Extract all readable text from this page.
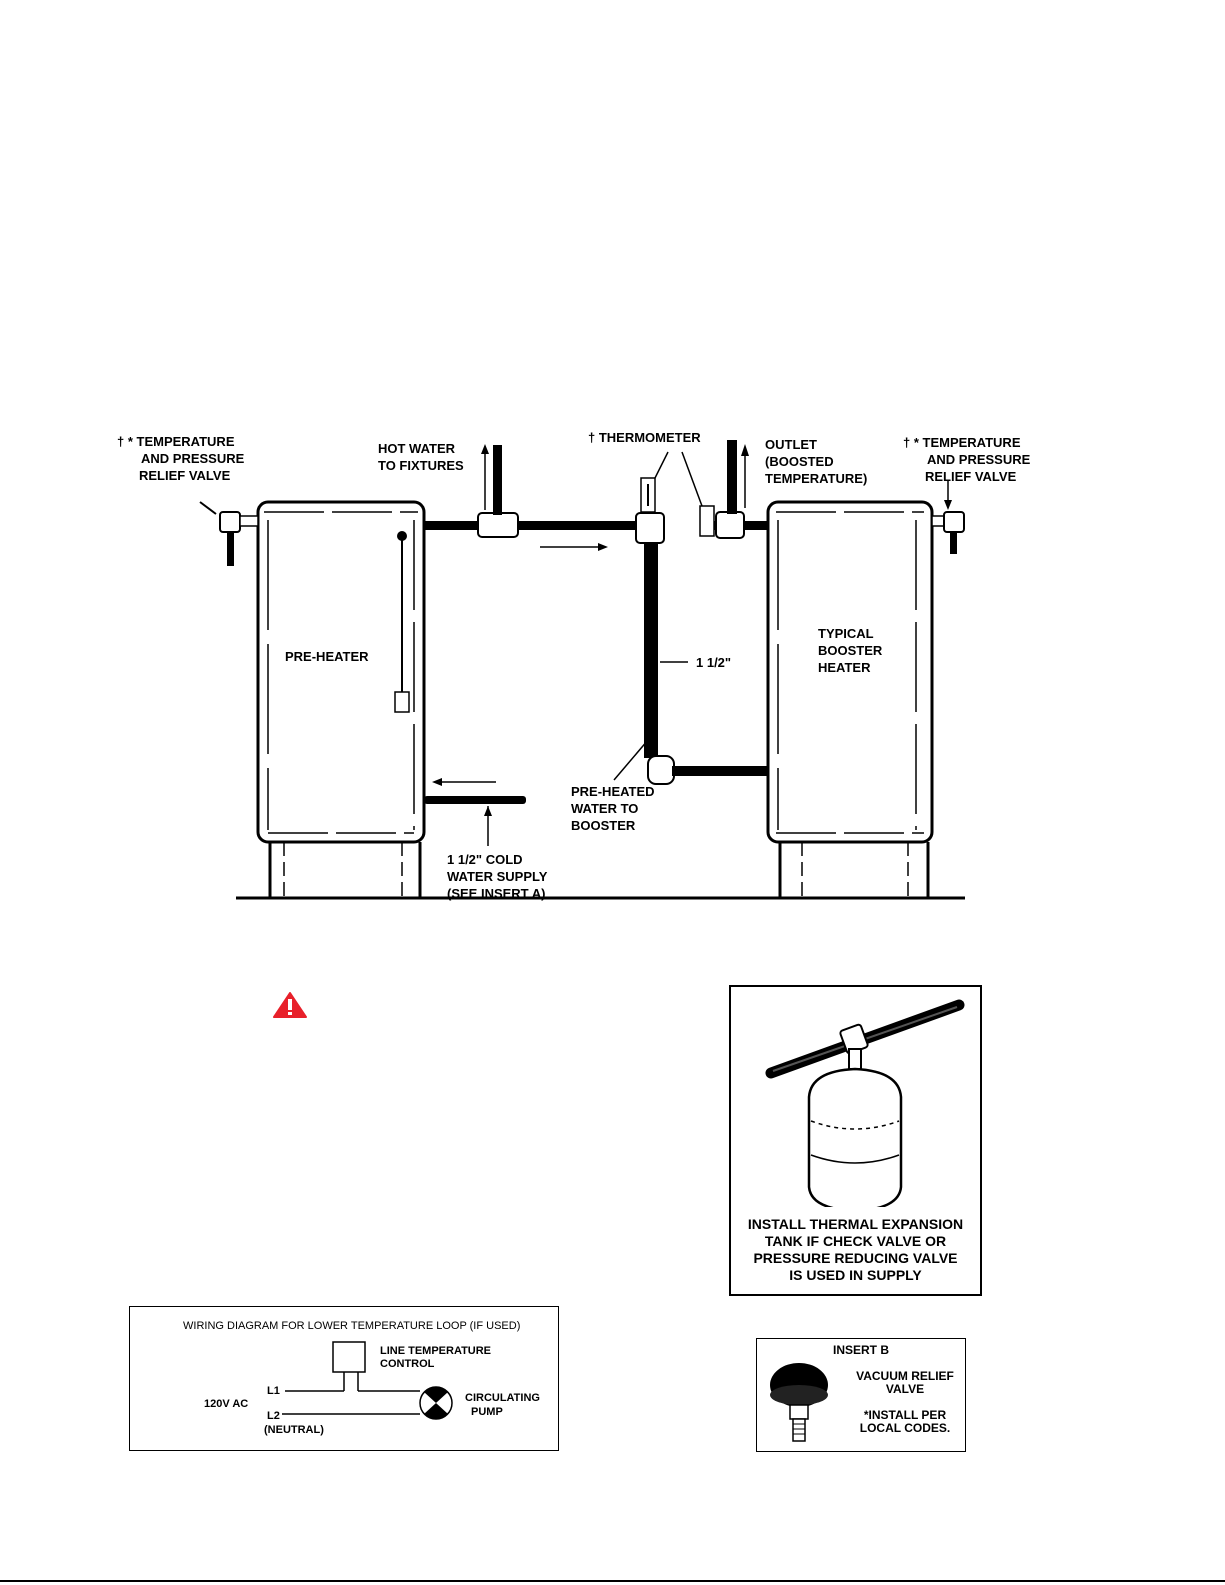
† * TEMPERATURE
AND PRESSURE
RELIEF VALVE
HOT WATER
TO FIXTURES
† THERMOMETER	OUTLET
(BOOSTED
TEMPERATURE)
† * TEMPERATURE
AND PRESSURE
RELIEF VALVE
PRE-HEATER
TYPICAL
BOOSTER
HEATER
1 1/2"
PRE-HEATED
WATER TO
BOOSTER
1 1/2" COLD
WATER SUPPLY
(SEE INSERT A)
INSTALL THERMAL EXPANSION
TANK IF CHECK VALVE OR
PRESSURE REDUCING VALVE
IS USED IN SUPPLY
WIRING DIAGRAM FOR LOWER TEMPERATURE LOOP (IF USED)
LINE TEMPERATURE
CONTROL
120V AC
L1
L2
(NEUTRAL)
CIRCULATING
PUMP
INSERT B
VACUUM RELIEF
VALVE
*INSTALL PER
LOCAL CODES.
